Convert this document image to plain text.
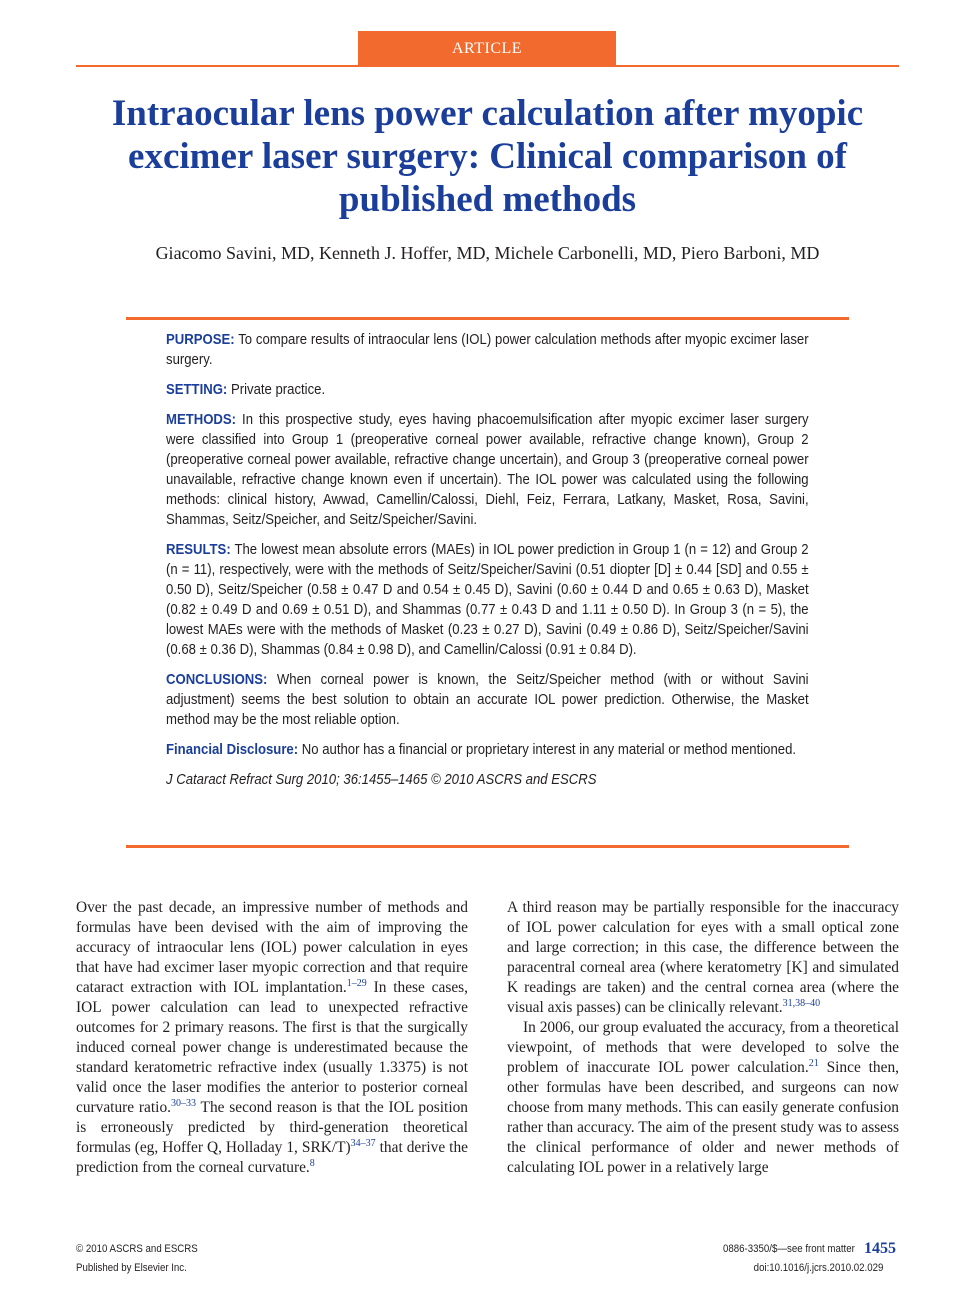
ARTICLE
Intraocular lens power calculation after myopic excimer laser surgery: Clinical comparison of published methods
Giacomo Savini, MD, Kenneth J. Hoffer, MD, Michele Carbonelli, MD, Piero Barboni, MD

PURPOSE: To compare results of intraocular lens (IOL) power calculation methods after myopic excimer laser surgery.

SETTING: Private practice.

METHODS: In this prospective study, eyes having phacoemulsification after myopic excimer laser surgery were classified into Group 1 (preoperative corneal power available, refractive change known), Group 2 (preoperative corneal power available, refractive change uncertain), and Group 3 (preoperative corneal power unavailable, refractive change known even if uncertain). The IOL power was calculated using the following methods: clinical history, Awwad, Camellin/Calossi, Diehl, Feiz, Ferrara, Latkany, Masket, Rosa, Savini, Shammas, Seitz/Speicher, and Seitz/Speicher/Savini.

RESULTS: The lowest mean absolute errors (MAEs) in IOL power prediction in Group 1 (n = 12) and Group 2 (n = 11), respectively, were with the methods of Seitz/Speicher/Savini (0.51 diopter [D] ± 0.44 [SD] and 0.55 ± 0.50 D), Seitz/Speicher (0.58 ± 0.47 D and 0.54 ± 0.45 D), Savini (0.60 ± 0.44 D and 0.65 ± 0.63 D), Masket (0.82 ± 0.49 D and 0.69 ± 0.51 D), and Shammas (0.77 ± 0.43 D and 1.11 ± 0.50 D). In Group 3 (n = 5), the lowest MAEs were with the methods of Masket (0.23 ± 0.27 D), Savini (0.49 ± 0.86 D), Seitz/Speicher/Savini (0.68 ± 0.36 D), Shammas (0.84 ± 0.98 D), and Camellin/Calossi (0.91 ± 0.84 D).

CONCLUSIONS: When corneal power is known, the Seitz/Speicher method (with or without Savini adjustment) seems the best solution to obtain an accurate IOL power prediction. Otherwise, the Masket method may be the most reliable option.

Financial Disclosure: No author has a financial or proprietary interest in any material or method mentioned.

J Cataract Refract Surg 2010; 36:1455–1465 © 2010 ASCRS and ESCRS

Over the past decade, an impressive number of methods and formulas have been devised with the aim of improving the accuracy of intraocular lens (IOL) power calculation in eyes that have had excimer laser myopic correction and that require cataract extraction with IOL implantation.$^{1-29}$ In these cases, IOL power calculation can lead to unexpected refractive outcomes for 2 primary reasons. The first is that the surgically induced corneal power change is underestimated because the standard keratometric refractive index (usually 1.3375) is not valid once the laser modifies the anterior to posterior corneal curvature ratio.$^{30-33}$ The second reason is that the IOL position is erroneously predicted by third-generation theoretical formulas (eg, Hoffer Q, Holladay 1, SRK/T)$^{34-37}$ that derive the prediction from the corneal curvature.$^8$

A third reason may be partially responsible for the inaccuracy of IOL power calculation for eyes with a small optical zone and large correction; in this case, the difference between the paracentral corneal area (where keratometry [K] and simulated K readings are taken) and the central cornea area (where the visual axis passes) can be clinically relevant.$^{31,38-40}$

In 2006, our group evaluated the accuracy, from a theoretical viewpoint, of methods that were developed to solve the problem of inaccurate IOL power calculation.$^{21}$ Since then, other formulas have been described, and surgeons can now choose from many methods. This can easily generate confusion rather than accuracy. The aim of the present study was to assess the clinical performance of older and newer methods of calculating IOL power in a relatively large

© 2010 ASCRS and ESCRS
Published by Elsevier Inc.
0886-3350/$—see front matter
doi:10.1016/j.jcrs.2010.02.029
1455
